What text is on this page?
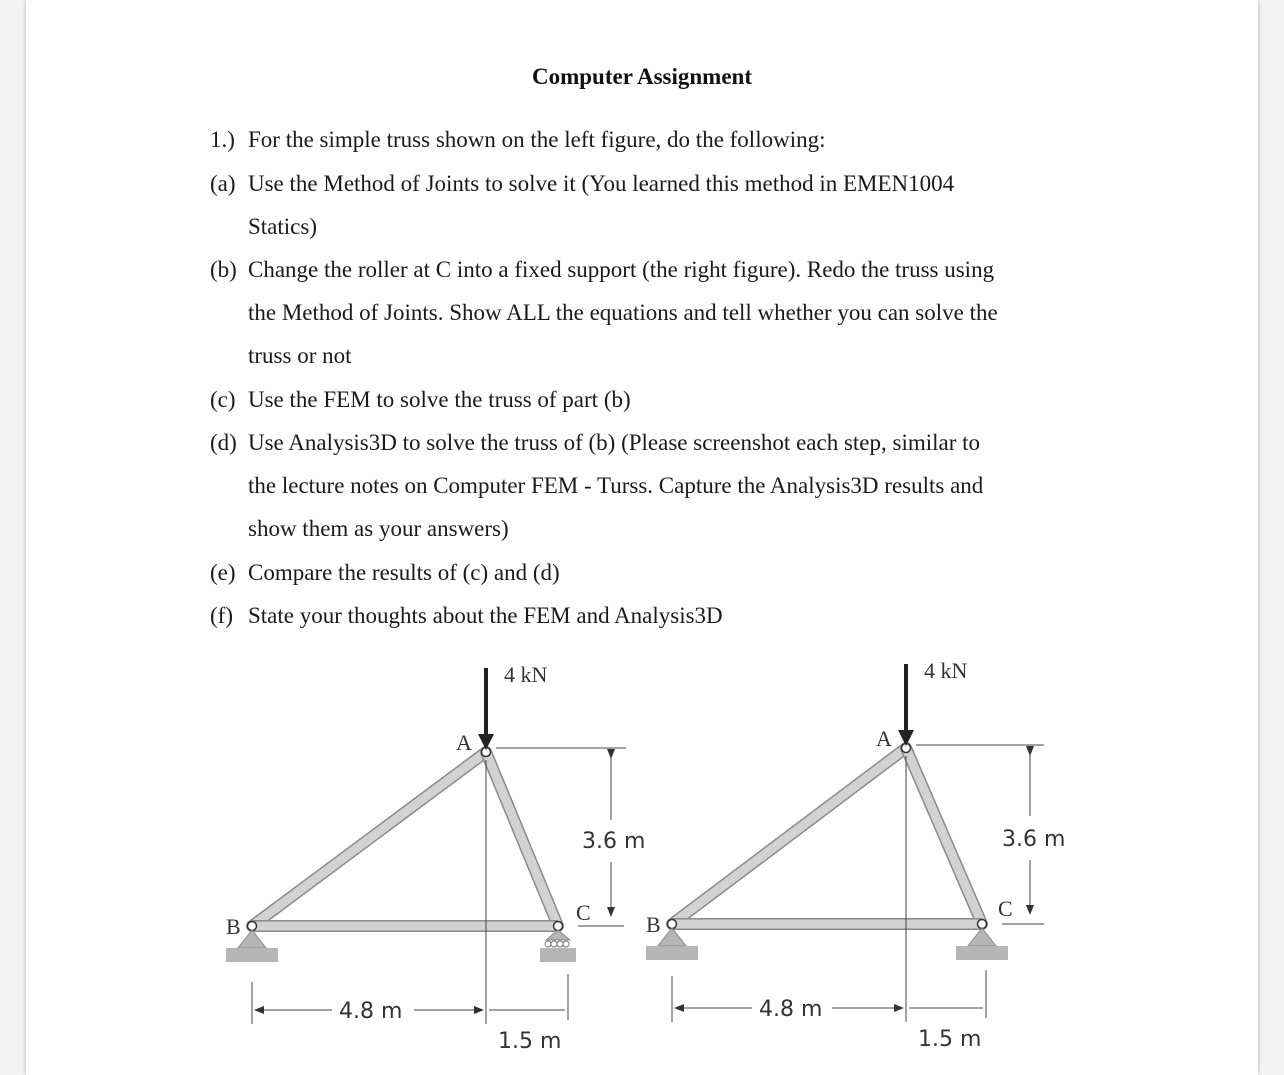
Computer Assignment
1.) For the simple truss shown on the left figure, do the following:
(a) Use the Method of Joints to solve it (You learned this method in EMEN1004
Statics)
(b) Change the roller at C into a fixed support (the right figure). Redo the truss using
the Method of Joints. Show ALL the equations and tell whether you can solve the
truss or not
(c) Use the FEM to solve the truss of part (b)
(d) Use Analysis3D to solve the truss of (b) (Please screenshot each step, similar to
the lecture notes on Computer FEM - Turss. Capture the Analysis3D results and
show them as your answers)
(e) Compare the results of (c) and (d)
(f) State your thoughts about the FEM and Analysis3D
4 kN
A
B
C
3.6 m
4.8 m
1.5 m
4 kN
A
B
C
3.6 m
4.8 m
1.5 m
